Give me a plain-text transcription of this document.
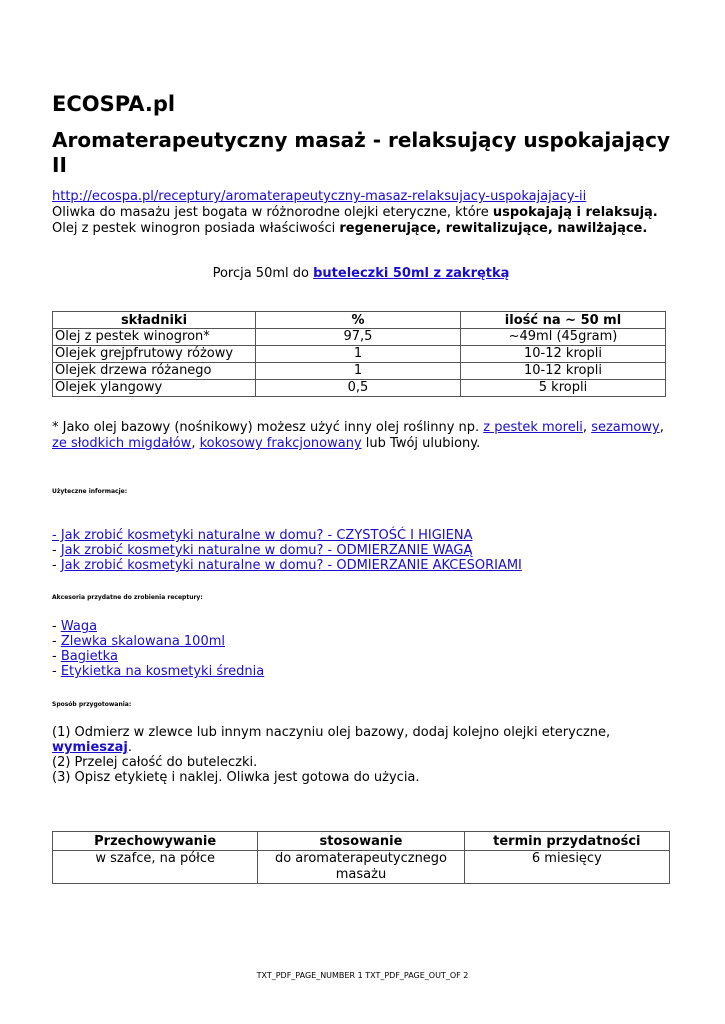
ECOSPA.pl
Aromaterapeutyczny masaż - relaksujący uspokajający II
http://ecospa.pl/receptury/aromaterapeutyczny-masaz-relaksujacy-uspokajajacy-ii
Oliwka do masażu jest bogata w różnorodne olejki eteryczne, które uspokajają i relaksują. Olej z pestek winogron posiada właściwości regenerujące, rewitalizujące, nawilżające.
Porcja 50ml do buteleczki 50ml z zakrętką
składniki	%	ilość na ~ 50 ml
Olej z pestek winogron*	97,5	~49ml (45gram)
Olejek grejpfrutowy różowy	1	10-12 kropli
Olejek drzewa różanego	1	10-12 kropli
Olejek ylangowy	0,5	5 kropli
* Jako olej bazowy (nośnikowy) możesz użyć inny olej roślinny np. z pestek moreli, sezamowy, ze słodkich migdałów, kokosowy frakcjonowany lub Twój ulubiony.
Użyteczne informacje:
- Jak zrobić kosmetyki naturalne w domu? - CZYSTOŚĆ I HIGIENA
- Jak zrobić kosmetyki naturalne w domu? - ODMIERZANIE WAGĄ
- Jak zrobić kosmetyki naturalne w domu? - ODMIERZANIE AKCESORIAMI
Akcesoria przydatne do zrobienia receptury:
- Waga
- Zlewka skalowana 100ml
- Bagietka
- Etykietka na kosmetyki średnia
Sposób przygotowania:
(1) Odmierz w zlewce lub innym naczyniu olej bazowy, dodaj kolejno olejki eteryczne, wymieszaj.
(2) Przelej całość do buteleczki.
(3) Opisz etykietę i naklej. Oliwka jest gotowa do użycia.
Przechowywanie	stosowanie	termin przydatności
w szafce, na półce	do aromaterapeutycznego masażu	6 miesięcy
TXT_PDF_PAGE_NUMBER 1 TXT_PDF_PAGE_OUT_OF 2
